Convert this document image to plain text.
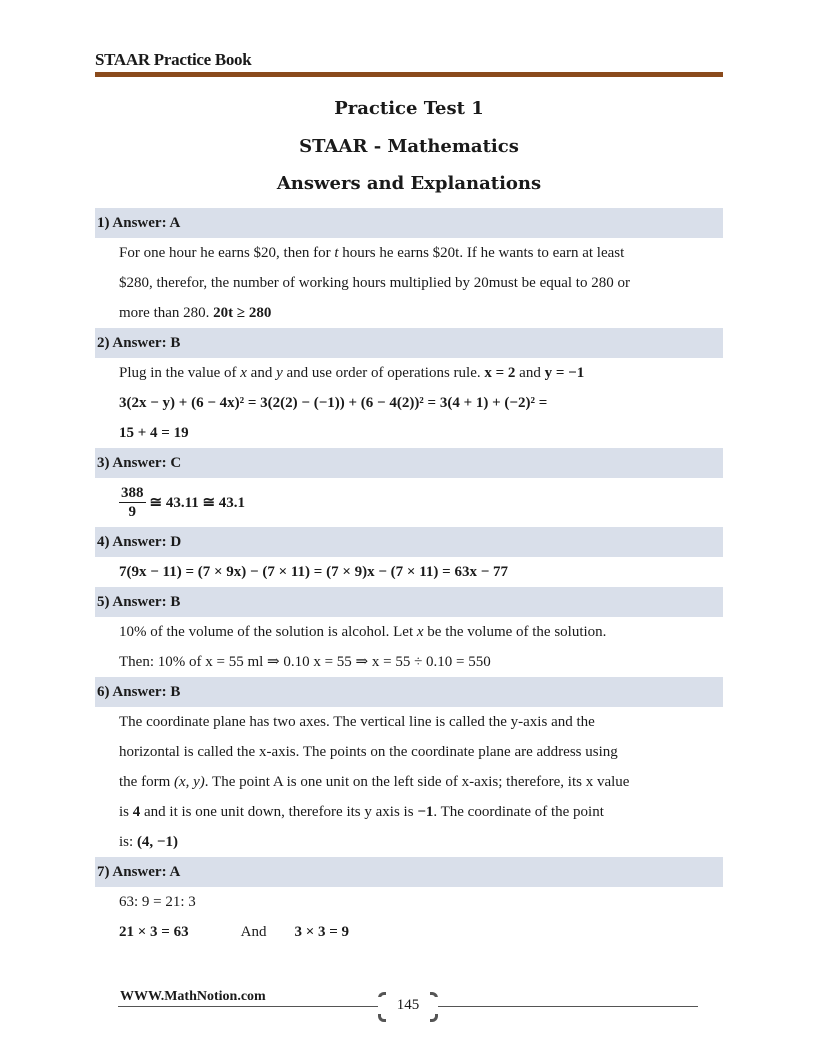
STAAR Practice Book
Practice Test 1
STAAR - Mathematics
Answers and Explanations
1) Answer: A
For one hour he earns $20, then for t hours he earns $20t. If he wants to earn at least
$280, therefor, the number of working hours multiplied by 20must be equal to 280 or
more than 280. 20t ≥ 280
2) Answer: B
Plug in the value of x and y and use order of operations rule. x = 2 and y = −1
3(2x − y) + (6 − 4x)² = 3(2(2) − (−1)) + (6 − 4(2))² = 3(4 + 1) + (−2)² =
15 + 4 = 19
3) Answer: C
$\frac{388}{9}$ ≅ 43.11 ≅ 43.1
4) Answer: D
7(9x − 11) = (7 × 9x) − (7 × 11) = (7 × 9)x − (7 × 11) = 63x − 77
5) Answer: B
10% of the volume of the solution is alcohol. Let x be the volume of the solution.
Then: 10% of x = 55 ml ⇒ 0.10 x = 55 ⇒ x = 55 ÷ 0.10 = 550
6) Answer: B
The coordinate plane has two axes. The vertical line is called the y-axis and the
horizontal is called the x-axis. The points on the coordinate plane are address using
the form (x, y). The point A is one unit on the left side of x-axis; therefore, its x value
is 4 and it is one unit down, therefore its y axis is −1. The coordinate of the point
is: (4, −1)
7) Answer: A
63: 9 = 21: 3
21 × 3 = 63	And 3 × 3 = 9
WWW.MathNotion.com
145
